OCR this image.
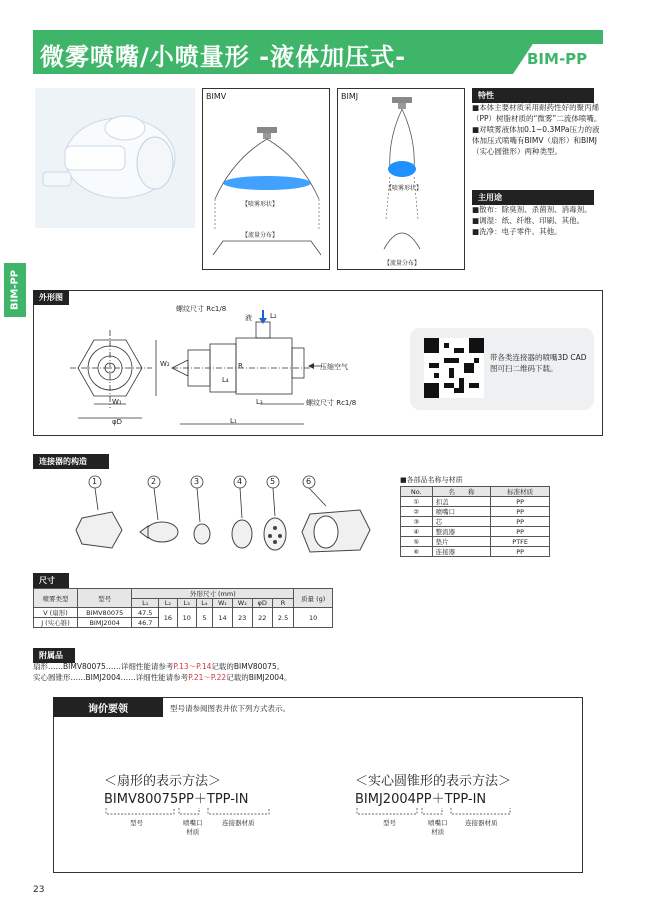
微雾喷嘴/小喷量形 -液体加压式-	BIM-PP
BIM-PP
BIMV
【喷雾形状】
【流量分布】
BIMJ
【喷雾形状】
【流量分布】
特性
■本体主要材质采用耐药性好的聚丙烯（PP）树脂材质的“微雾”二流体喷嘴。
■对喷雾液体加0.1~0.3MPa压力的液体加压式喷嘴有BIMV（扇形）和BIMJ（实心圆锥形）两种类型。
主用途
■散布：除臭剂、杀菌剂、消毒剂。
■调湿：纸、纤维、印刷、其他。
■洗净：电子零件、其他。
外形图
螺纹尺寸 Rc1/8
螺纹尺寸 Rc1/8
液
压缩空气
L₁
L₂
L₃
L₄
W₁
W₂
φD
R
带各类连接器的喷嘴3D CAD图可扫二维码下载。
连接器的构造
1	2	3	4	5	6	■各部品名称与材质
No.	名　　称	标准材质
①	扣盖	PP
②	喷嘴口	PP
③	芯	PP
④	整流器	PP
⑤	垫片	PTFE
⑥	连接器	PP
尺寸
喷雾类型	型号	外形尺寸 (mm)								质量 (g)
		L₁	L₂	L₃	L₄	W₁	W₂	φD	R	
V (扇形)	BIMV80075	47.5	16	10	5	14	23	22	2.5	10
J (实心锥)	BIMJ2004	46.7								
附属品
扇形……BIMV80075……详细性能请参考P.13～P.14记载的BIMV80075。
实心圆锥形……BIMJ2004……详细性能请参考P.21～P.22记载的BIMJ2004。
询价要领	型号请参阅图表并依下列方式表示。
＜扇形的表示方法＞
BIMV80075PP＋TPP-IN
型号	喷嘴口
材质
连接器材质
＜实心圆锥形的表示方法＞
BIMJ2004PP＋TPP-IN
型号	喷嘴口
材质
连接器材质
23
